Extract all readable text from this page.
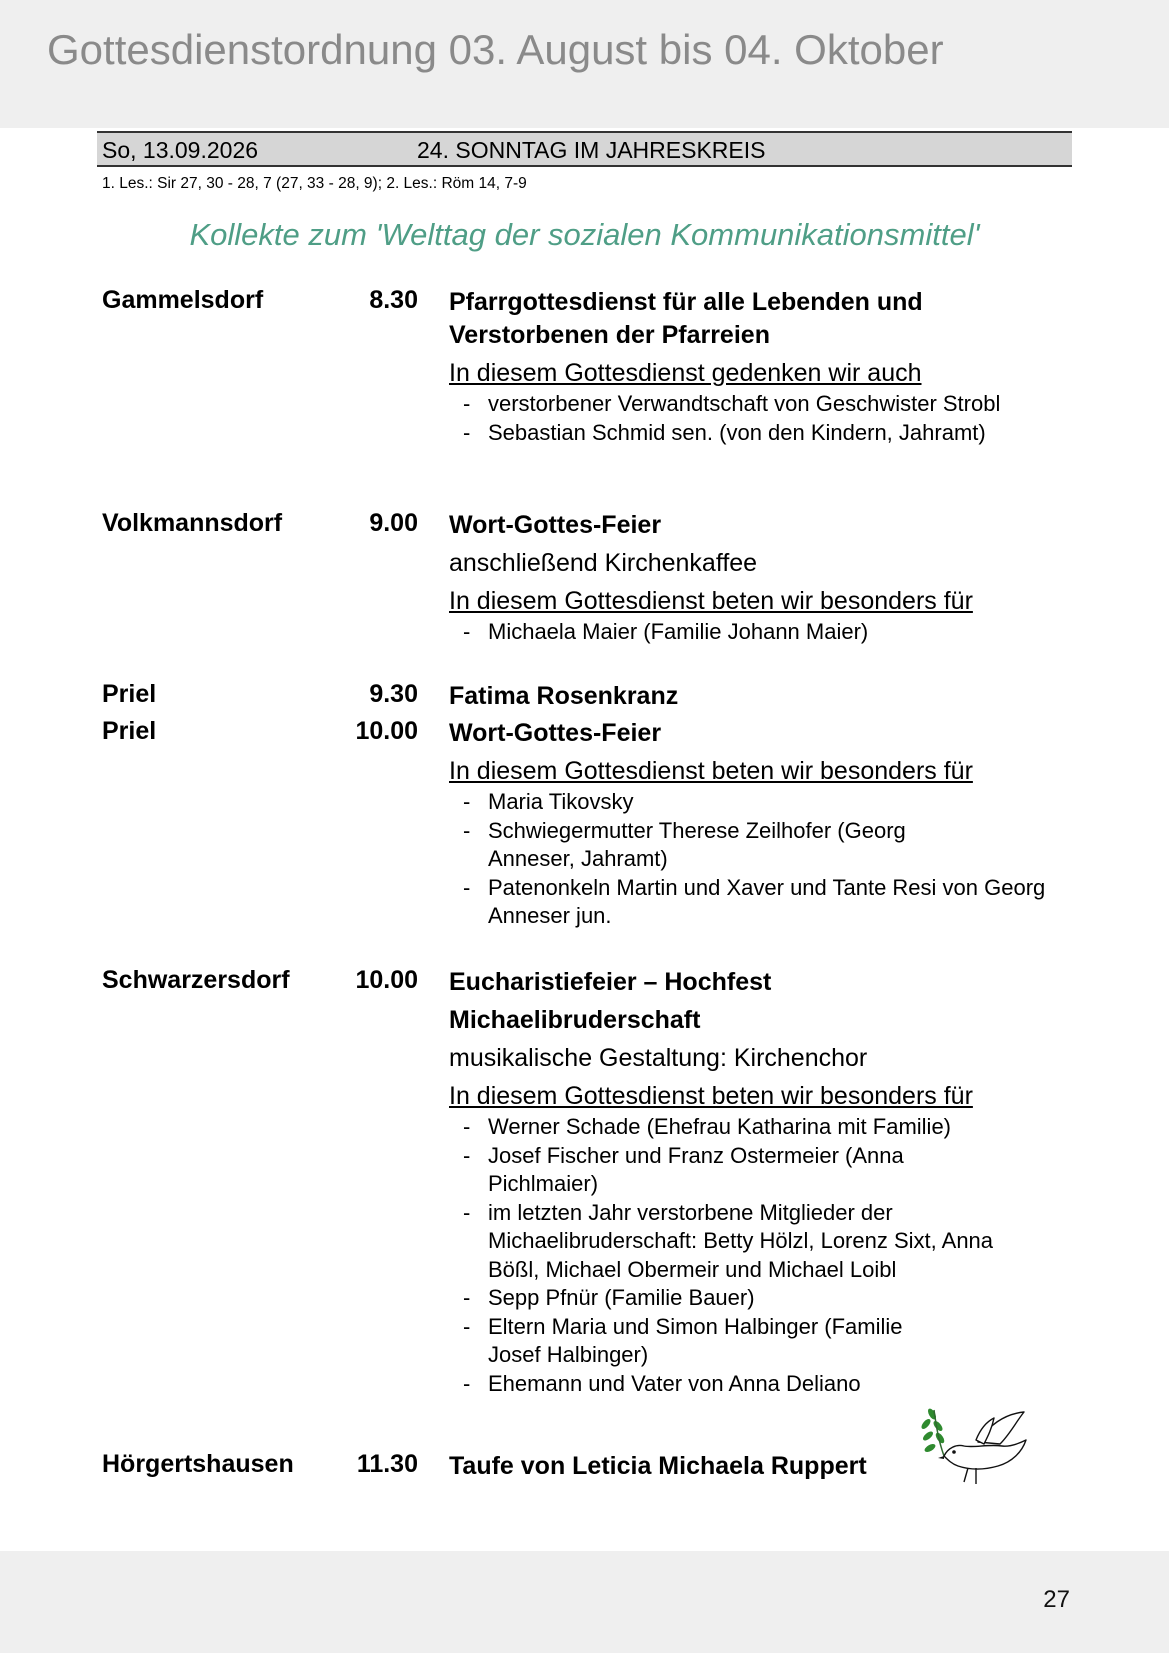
Gottesdienstordnung 03. August bis 04. Oktober
So, 13.09.2026	24. SONNTAG IM JAHRESKREIS
1. Les.: Sir 27, 30 - 28, 7 (27, 33 - 28, 9); 2. Les.: Röm 14, 7-9
Kollekte zum 'Welttag der sozialen Kommunikationsmittel'
Gammelsdorf	8.30 Pfarrgottesdienst für alle Lebenden und Verstorbenen der Pfarreien
In diesem Gottesdienst gedenken wir auch
- verstorbener Verwandtschaft von Geschwister Strobl
- Sebastian Schmid sen. (von den Kindern, Jahramt)
Volkmannsdorf	9.00 Wort-Gottes-Feier
anschließend Kirchenkaffee
In diesem Gottesdienst beten wir besonders für
- Michaela Maier (Familie Johann Maier)
Priel	9.30 Fatima Rosenkranz
Priel	10.00 Wort-Gottes-Feier
In diesem Gottesdienst beten wir besonders für
- Maria Tikovsky
- Schwiegermutter Therese Zeilhofer (Georg Anneser, Jahramt)
- Patenonkeln Martin und Xaver und Tante Resi von Georg Anneser jun.
Schwarzersdorf	10.00 Eucharistiefeier – Hochfest
Michaelibruderschaft
musikalische Gestaltung: Kirchenchor
In diesem Gottesdienst beten wir besonders für
- Werner Schade (Ehefrau Katharina mit Familie)
- Josef Fischer und Franz Ostermeier (Anna Pichlmaier)
- im letzten Jahr verstorbene Mitglieder der Michaelibruderschaft: Betty Hölzl, Lorenz Sixt, Anna Bößl, Michael Obermeir und Michael Loibl
- Sepp Pfnür (Familie Bauer)
- Eltern Maria und Simon Halbinger (Familie Josef Halbinger)
- Ehemann und Vater von Anna Deliano
Hörgertshausen	11.30 Taufe von Leticia Michaela Ruppert
27
